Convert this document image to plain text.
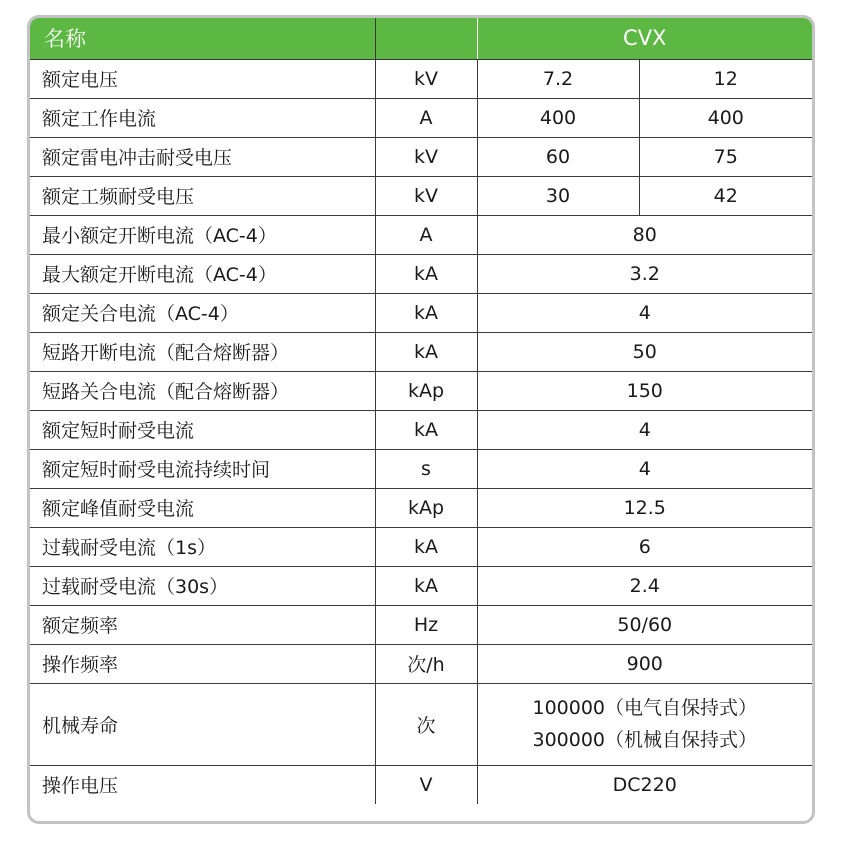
名称		CVX	
额定电压	kV	7.2	12
额定工作电流	A	400	400
额定雷电冲击耐受电压	kV	60	75
额定工频耐受电压	kV	30	42
最小额定开断电流（AC-4）	A	80	
最大额定开断电流（AC-4）	kA	3.2	
额定关合电流（AC-4）	kA	4	
短路开断电流（配合熔断器）	kA	50	
短路关合电流（配合熔断器）	kAp	150	
额定短时耐受电流	kA	4	
额定短时耐受电流持续时间	s	4	
额定峰值耐受电流	kAp	12.5	
过载耐受电流（1s）	kA	6	
过载耐受电流（30s）	kA	2.4	
额定频率	Hz	50/60	
操作频率	次/h	900	
机械寿命	次	100000（电气自保持式）
300000（机械自保持式）	

操作电压	V	DC220	
